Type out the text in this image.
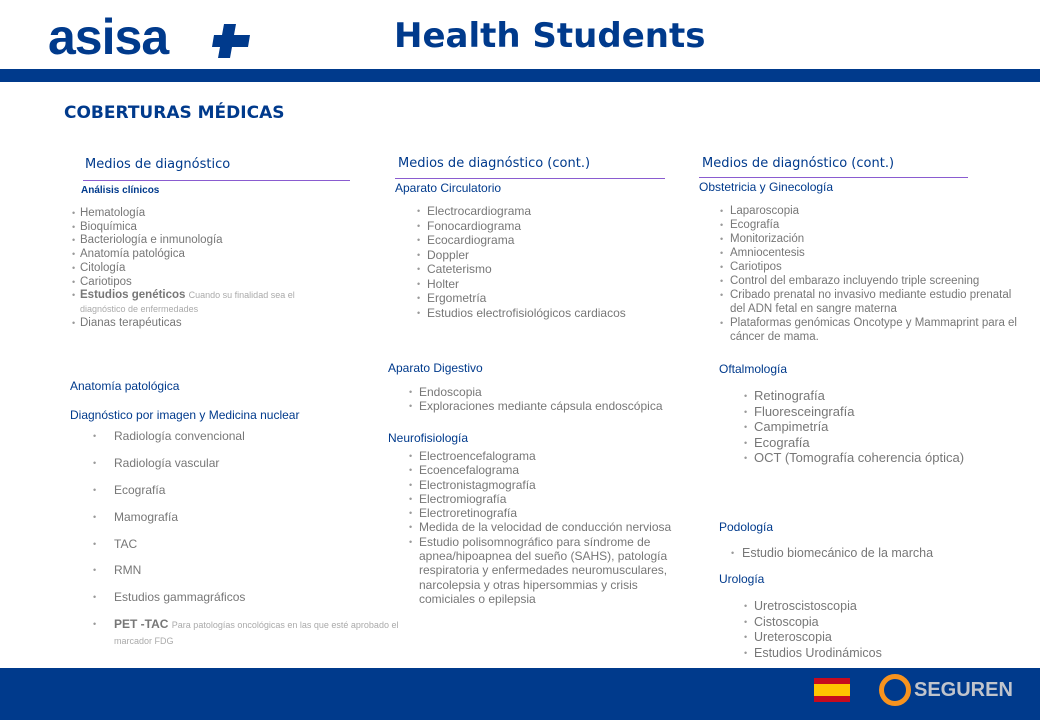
asisa	Health Students
COBERTURAS MÉDICAS
Medios de diagnóstico	Medios de diagnóstico (cont.)	Medios de diagnóstico (cont.)
Análisis clínicos
• Hematología
• Bioquímica
• Bacteriología e inmunología
• Anatomía patológica
• Citología
• Cariotipos
• Estudios genéticos Cuando su finalidad sea el diagnóstico de enfermedades
• Dianas terapéuticas
Anatomía patológica
Diagnóstico por imagen y Medicina nuclear
• Radiología convencional
• Radiología vascular
• Ecografía
• Mamografía
• TAC
• RMN
• Estudios gammagráficos
• PET -TAC Para patologías oncológicas en las que esté aprobado el marcador FDG
Aparato Circulatorio
• Electrocardiograma
• Fonocardiograma
• Ecocardiograma
• Doppler
• Cateterismo
• Holter
• Ergometría
• Estudios electrofisiológicos cardiacos
Aparato Digestivo
• Endoscopia
• Exploraciones mediante cápsula endoscópica
Neurofisiología
• Electroencefalograma
• Ecoencefalograma
• Electronistagmografía
• Electromiografía
• Electroretinografía
• Medida de la velocidad de conducción nerviosa
• Estudio polisomnográfico para síndrome de apnea/hipoapnea del sueño (SAHS), patología respiratoria y enfermedades neuromusculares, narcolepsia y otras hipersommias y crisis comiciales o epilepsia
Obstetricia y Ginecología
• Laparoscopia
• Ecografía
• Monitorización
• Amniocentesis
• Cariotipos
• Control del embarazo incluyendo triple screening
• Cribado prenatal no invasivo mediante estudio prenatal del ADN fetal en sangre materna
• Plataformas genómicas Oncotype y Mammaprint para el cáncer de mama.
Oftalmología
• Retinografía
• Fluoresceingrafía
• Campimetría
• Ecografía
• OCT (Tomografía coherencia óptica)
Podología
• Estudio biomecánico de la marcha
Urología
• Uretroscistoscopia
• Cistoscopia
• Ureteroscopia
• Estudios Urodinámicos
SEGUREN
